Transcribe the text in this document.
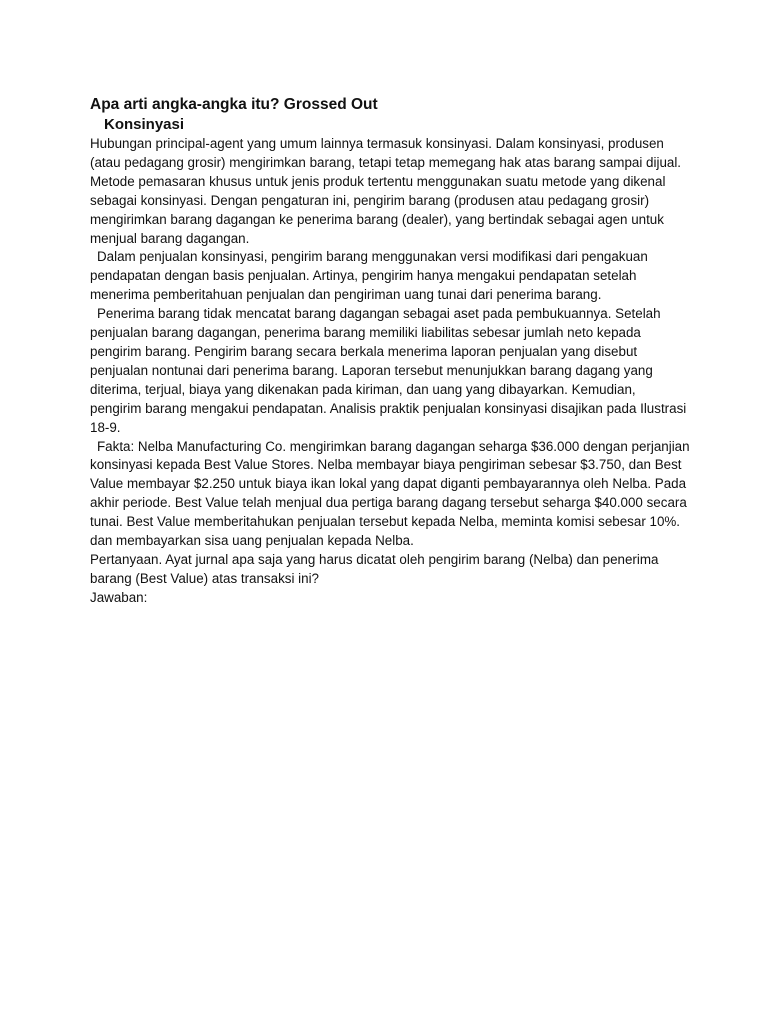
Apa arti angka-angka itu? Grossed Out
Konsinyasi

Hubungan principal-agent yang umum lainnya termasuk konsinyasi. Dalam konsinyasi, produsen (atau pedagang grosir) mengirimkan barang, tetapi tetap memegang hak atas barang sampai dijual. Metode pemasaran khusus untuk jenis produk tertentu menggunakan suatu metode yang dikenal sebagai konsinyasi. Dengan pengaturan ini, pengirim barang (produsen atau pedagang grosir) mengirimkan barang dagangan ke penerima barang (dealer), yang bertindak sebagai agen untuk menjual barang dagangan.

Dalam penjualan konsinyasi, pengirim barang menggunakan versi modifikasi dari pengakuan pendapatan dengan basis penjualan. Artinya, pengirim hanya mengakui pendapatan setelah menerima pemberitahuan penjualan dan pengiriman uang tunai dari penerima barang.

Penerima barang tidak mencatat barang dagangan sebagai aset pada pembukuannya. Setelah penjualan barang dagangan, penerima barang memiliki liabilitas sebesar jumlah neto kepada pengirim barang. Pengirim barang secara berkala menerima laporan penjualan yang disebut penjualan nontunai dari penerima barang. Laporan tersebut menunjukkan barang dagang yang diterima, terjual, biaya yang dikenakan pada kiriman, dan uang yang dibayarkan. Kemudian, pengirim barang mengakui pendapatan. Analisis praktik penjualan konsinyasi disajikan pada Ilustrasi 18-9.

Fakta: Nelba Manufacturing Co. mengirimkan barang dagangan seharga $36.000 dengan perjanjian konsinyasi kepada Best Value Stores. Nelba membayar biaya pengiriman sebesar $3.750, dan Best Value membayar $2.250 untuk biaya ikan lokal yang dapat diganti pembayarannya oleh Nelba. Pada akhir periode. Best Value telah menjual dua pertiga barang dagang tersebut seharga $40.000 secara tunai. Best Value memberitahukan penjualan tersebut kepada Nelba, meminta komisi sebesar 10%. dan membayarkan sisa uang penjualan kepada Nelba.

Pertanyaan. Ayat jurnal apa saja yang harus dicatat oleh pengirim barang (Nelba) dan penerima barang (Best Value) atas transaksi ini?

Jawaban:
